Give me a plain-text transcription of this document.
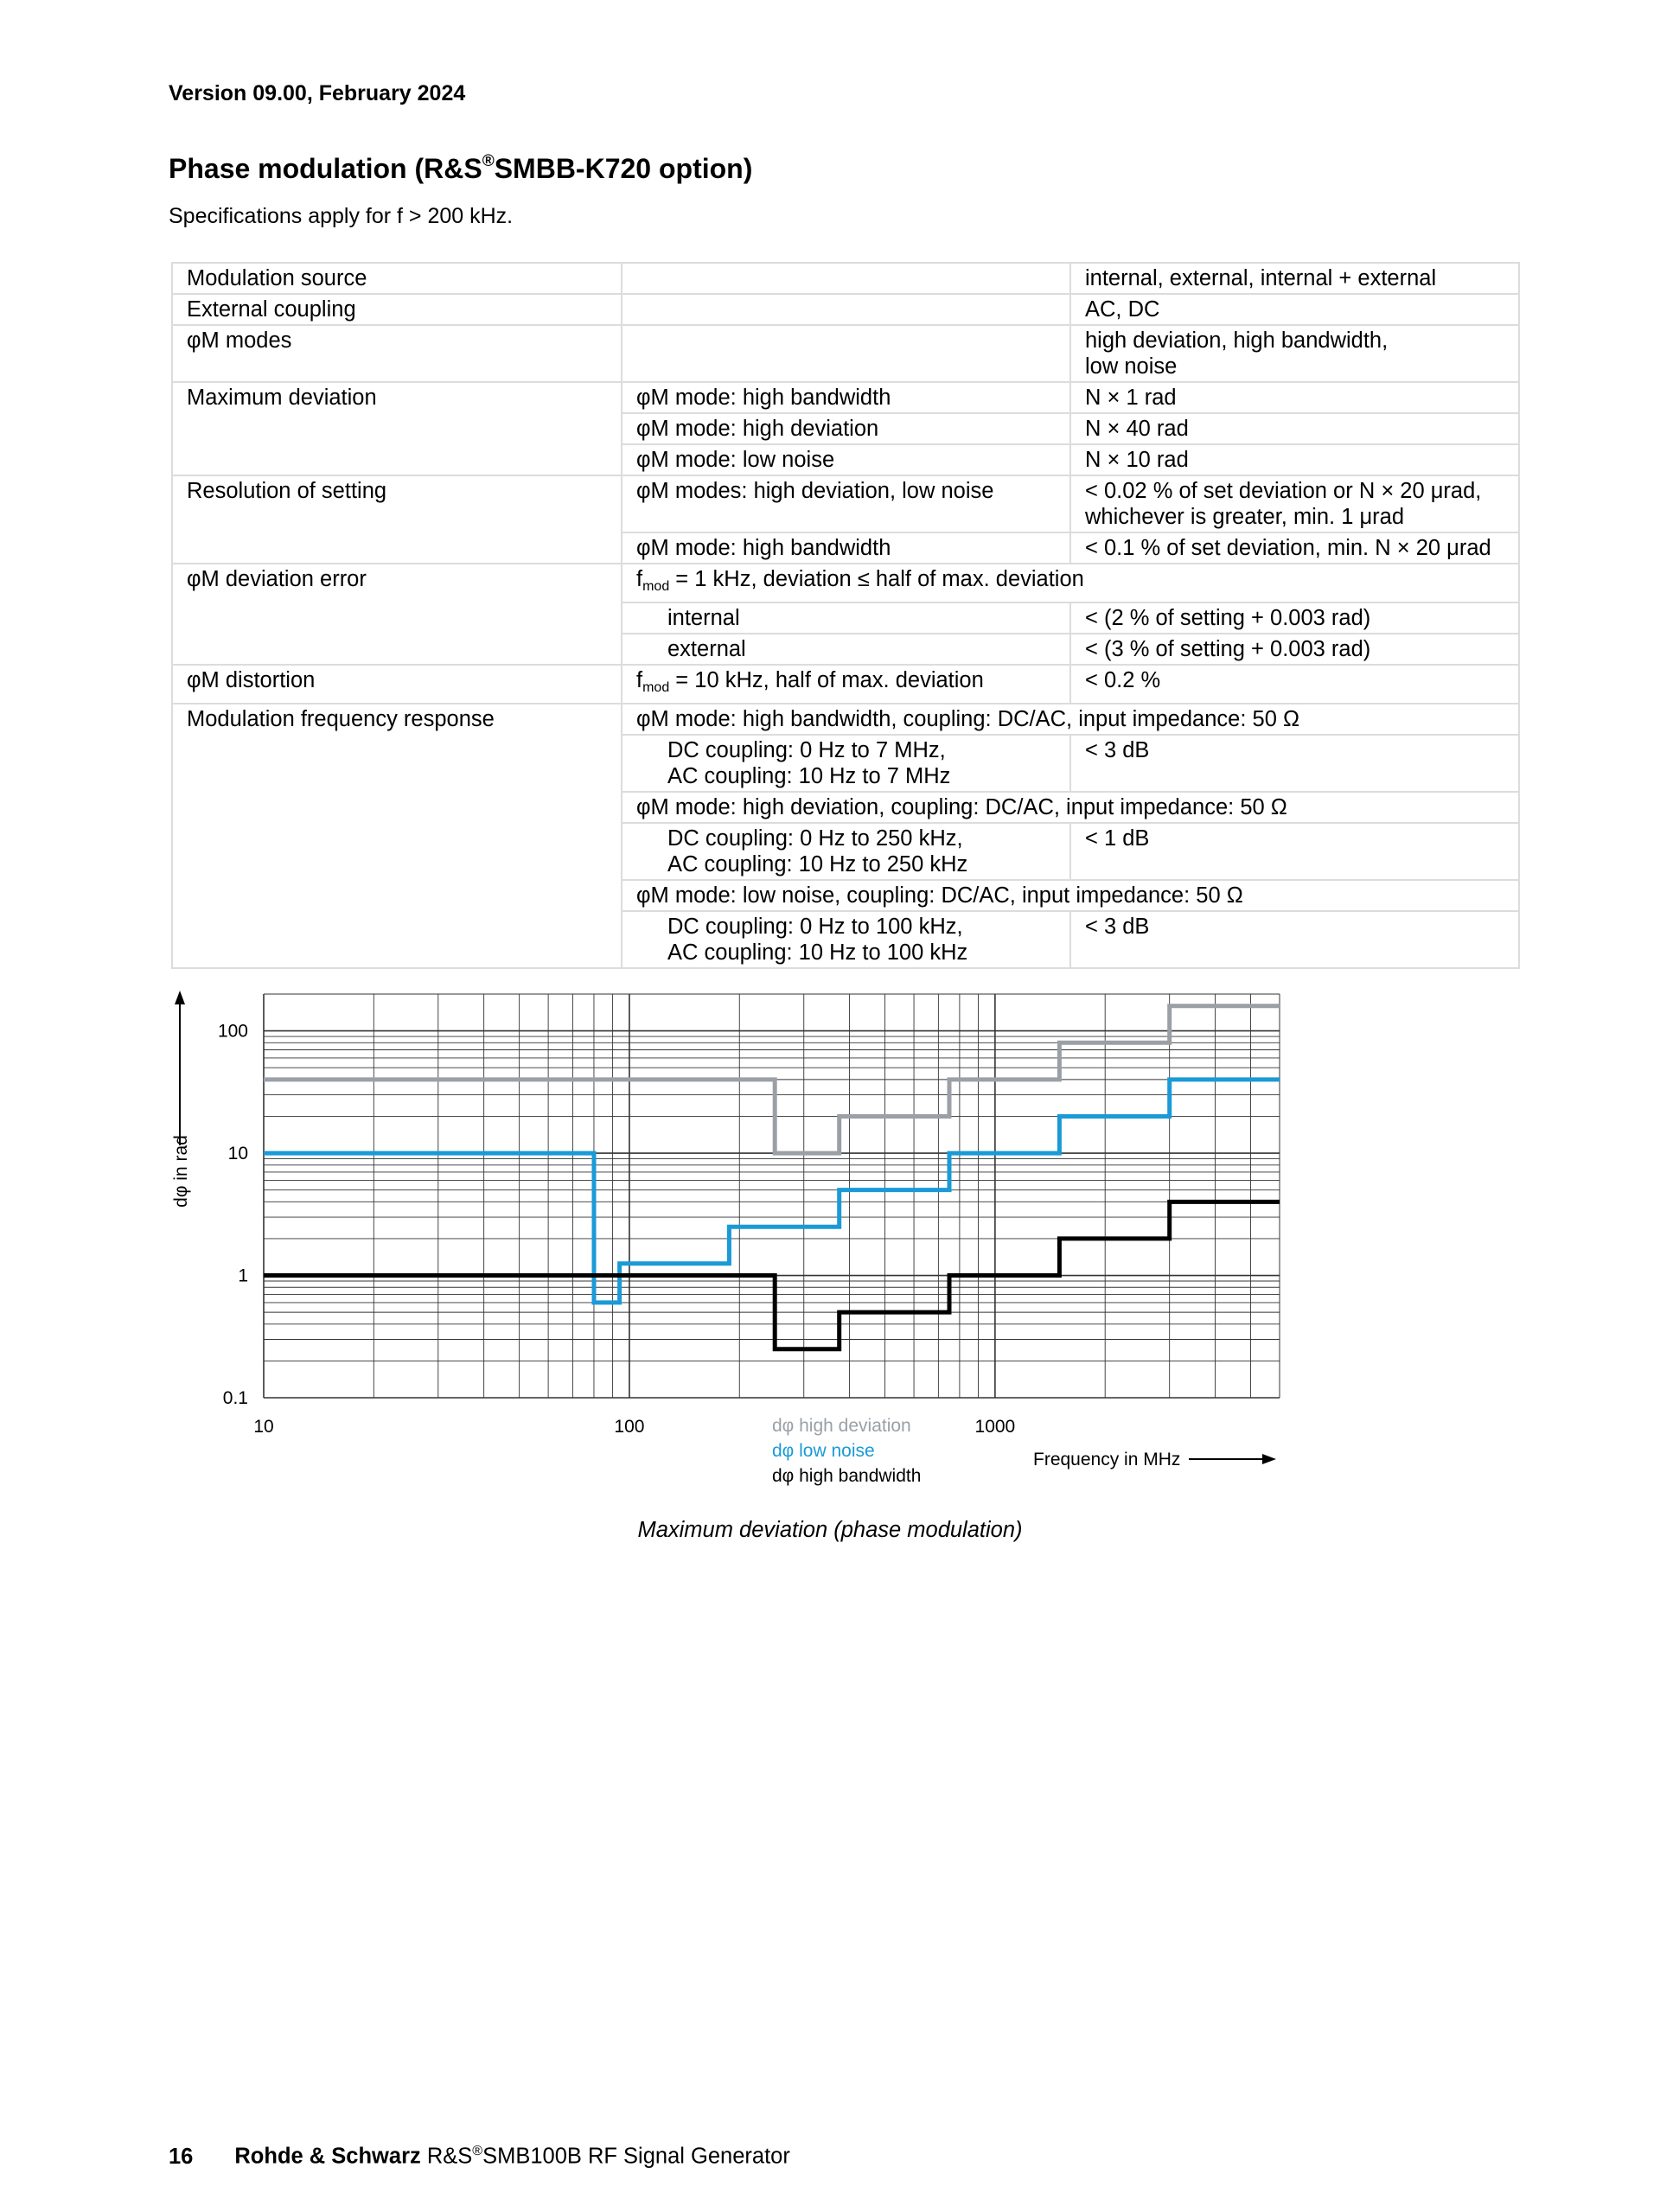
Version 09.00, February 2024
Phase modulation (R&S®SMBB-K720 option)
Specifications apply for f > 200 kHz.
Modulation source		internal, external, internal + external
External coupling		AC, DC
φM modes		high deviation, high bandwidth,
low noise

Maximum deviation	φM mode: high bandwidth	N × 1 rad
	φM mode: high deviation	N × 40 rad
	φM mode: low noise	N × 10 rad
Resolution of setting	φM modes: high deviation, low noise	< 0.02 % of set deviation or N × 20 μrad,
whichever is greater, min. 1 μrad

	φM mode: high bandwidth	< 0.1 % of set deviation, min. N × 20 μrad
φM deviation error	$f_{mod} = 1$ kHz, deviation ≤ half of max. deviation	
	internal	< (2 % of setting + 0.003 rad)
	external	< (3 % of setting + 0.003 rad)
φM distortion	$f_{mod} = 10$ kHz, half of max. deviation	< 0.2 %
Modulation frequency response	φM mode: high bandwidth, coupling: DC/AC, input impedance: 50 Ω	

	DC coupling: 0 Hz to 7 MHz,
AC coupling: 10 Hz to 7 MHz	< 3 dB
	φM mode: high deviation, coupling: DC/AC, input impedance: 50 Ω	

	DC coupling: 0 Hz to 250 kHz,
AC coupling: 10 Hz to 250 kHz	< 1 dB
	φM mode: low noise, coupling: DC/AC, input impedance: 50 Ω	

	DC coupling: 0 Hz to 100 kHz,
AC coupling: 10 Hz to 100 kHz	< 3 dB
dφ in rad
0.1
1
10
100
10	100	1000
Frequency in MHz
dφ high deviation
dφ low noise
dφ high bandwidth
Maximum deviation (phase modulation)
16 Rohde & Schwarz R&S®SMB100B RF Signal Generator
